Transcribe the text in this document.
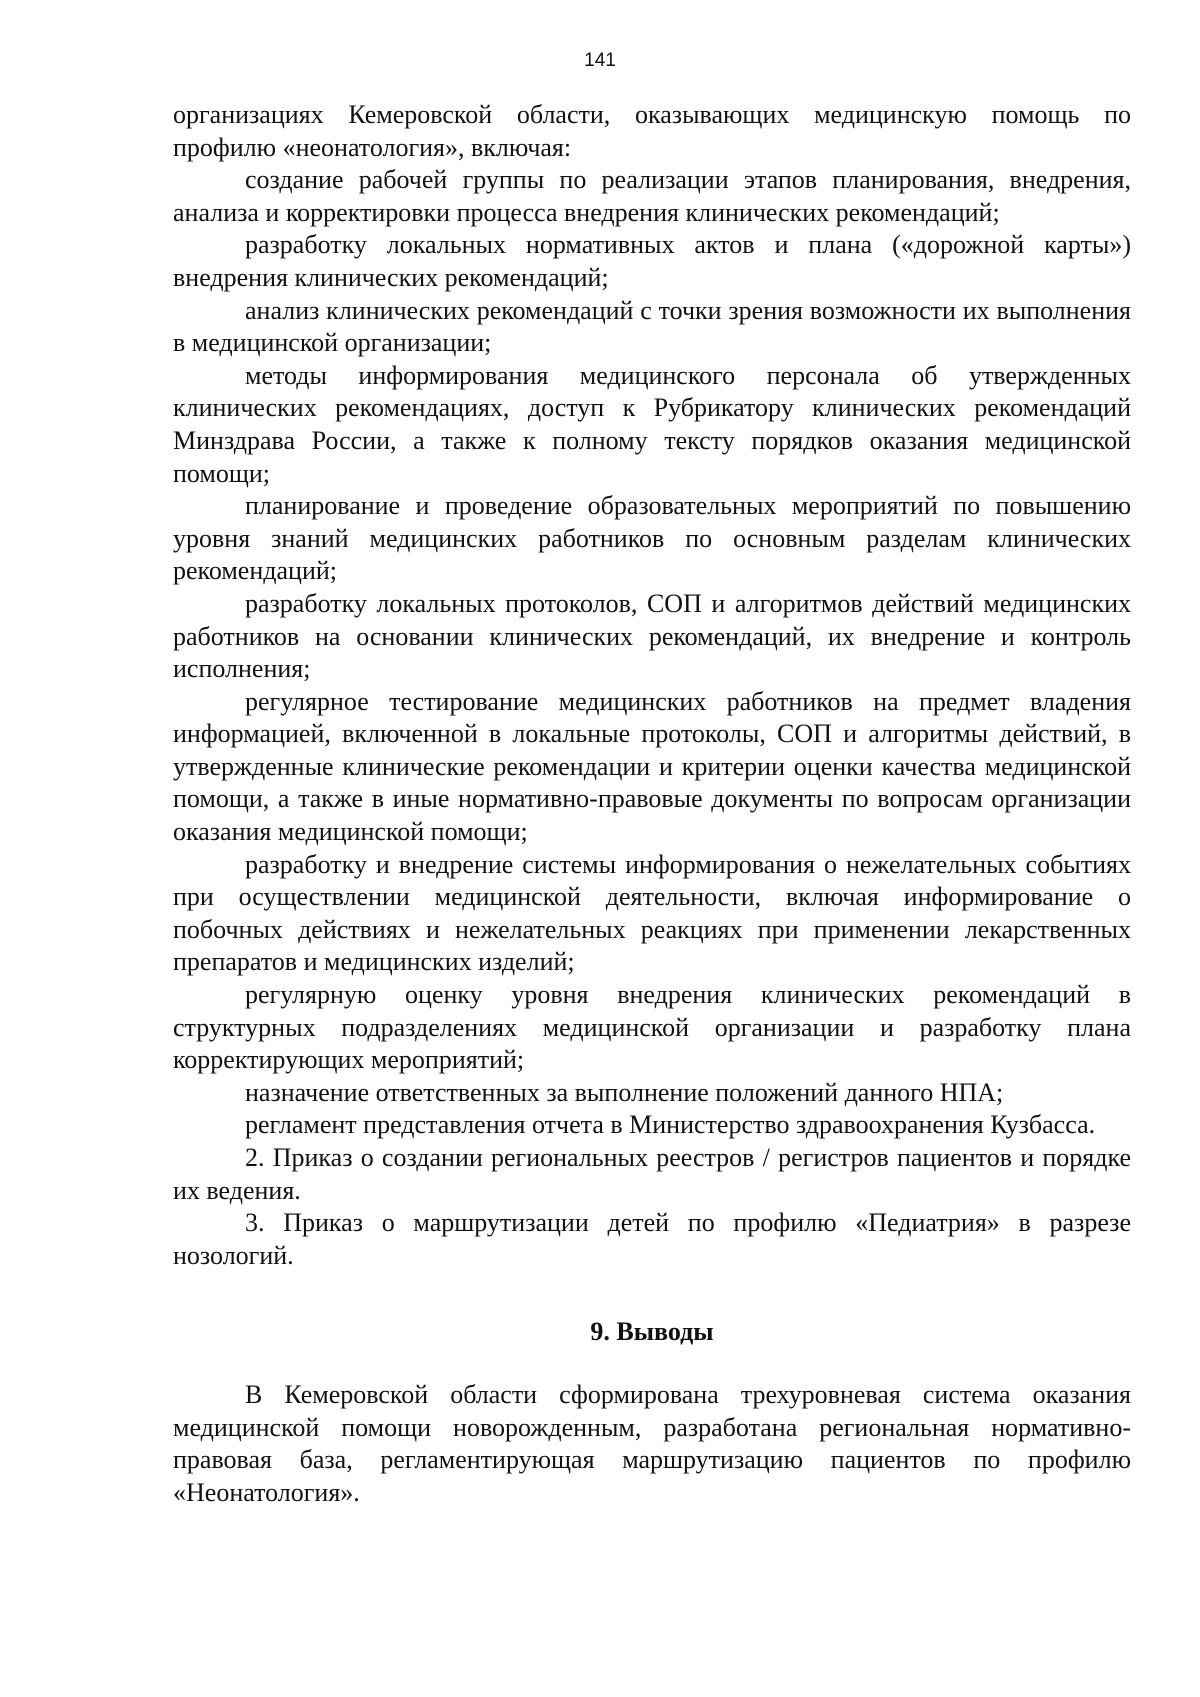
141

организациях Кемеровской области, оказывающих медицинскую помощь по профилю «неонатология», включая:

создание рабочей группы по реализации этапов планирования, внедрения, анализа и корректировки процесса внедрения клинических рекомендаций;

разработку локальных нормативных актов и плана («дорожной карты») внедрения клинических рекомендаций;

анализ клинических рекомендаций с точки зрения возможности их выполнения в медицинской организации;

методы информирования медицинского персонала об утвержденных клинических рекомендациях, доступ к Рубрикатору клинических рекомендаций Минздрава России, а также к полному тексту порядков оказания медицинской помощи;

планирование и проведение образовательных мероприятий по повышению уровня знаний медицинских работников по основным разделам клинических рекомендаций;

разработку локальных протоколов, СОП и алгоритмов действий медицинских работников на основании клинических рекомендаций, их внедрение и контроль исполнения;

регулярное тестирование медицинских работников на предмет владения информацией, включенной в локальные протоколы, СОП и алгоритмы действий, в утвержденные клинические рекомендации и критерии оценки качества медицинской помощи, а также в иные нормативно-правовые документы по вопросам организации оказания медицинской помощи;

разработку и внедрение системы информирования о нежелательных событиях при осуществлении медицинской деятельности, включая информирование о побочных действиях и нежелательных реакциях при применении лекарственных препаратов и медицинских изделий;

регулярную оценку уровня внедрения клинических рекомендаций в структурных подразделениях медицинской организации и разработку плана корректирующих мероприятий;

назначение ответственных за выполнение положений данного НПА;

регламент представления отчета в Министерство здравоохранения Кузбасса.

2. Приказ о создании региональных реестров / регистров пациентов и порядке их ведения.

3. Приказ о маршрутизации детей по профилю «Педиатрия» в разрезе нозологий.

9. Выводы

В Кемеровской области сформирована трехуровневая система оказания медицинской помощи новорожденным, разработана региональная нормативно-правовая база, регламентирующая маршрутизацию пациентов по профилю «Неонатология».
